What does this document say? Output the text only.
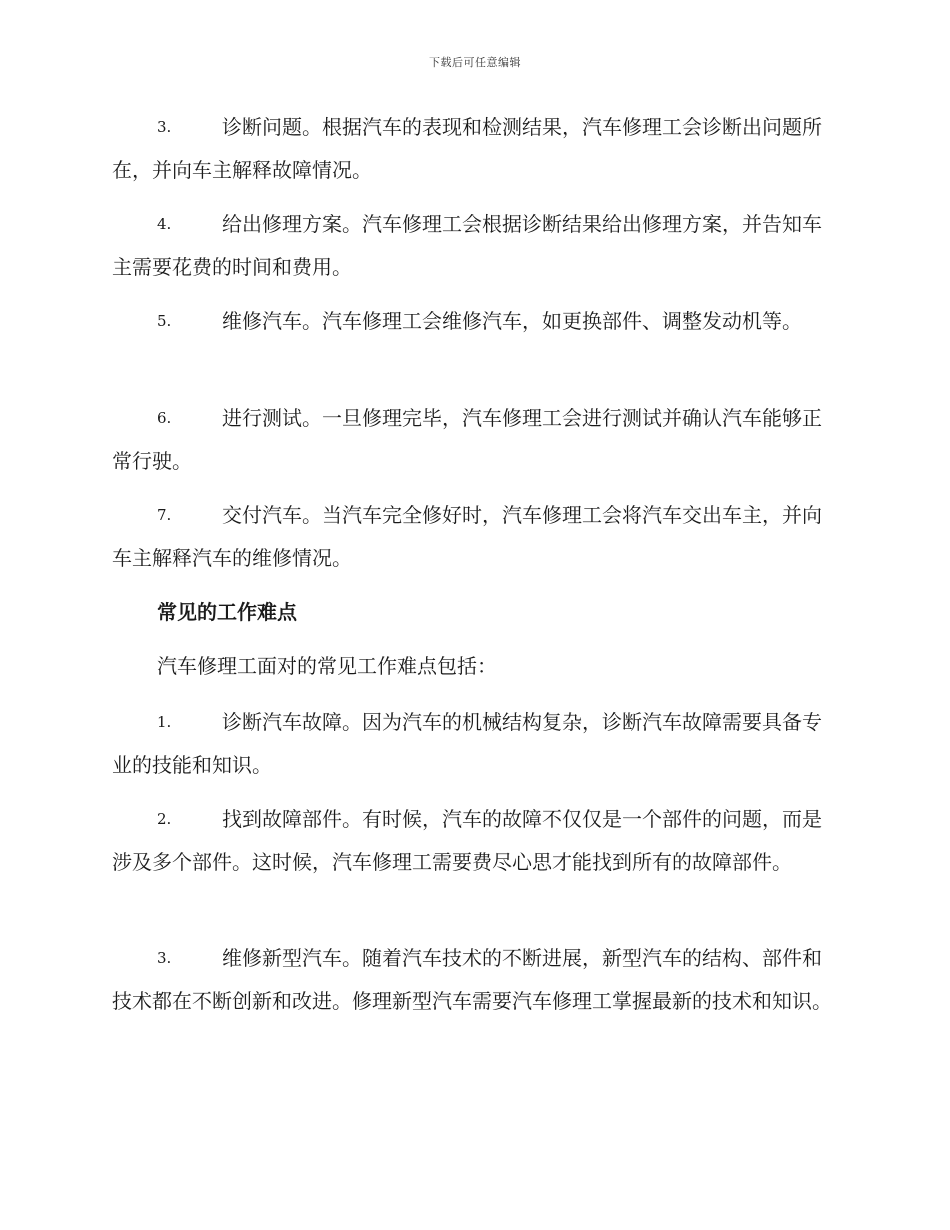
下载后可任意编辑
3.	诊断问题。根据汽车的表现和检测结果，汽车修理工会诊断出问题所在，并向车主解释故障情况。
4.	给出修理方案。汽车修理工会根据诊断结果给出修理方案，并告知车主需要花费的时间和费用。
5.	维修汽车。汽车修理工会维修汽车，如更换部件、调整发动机等。
6.	进行测试。一旦修理完毕，汽车修理工会进行测试并确认汽车能够正常行驶。
7.	交付汽车。当汽车完全修好时，汽车修理工会将汽车交出车主，并向车主解释汽车的维修情况。
常见的工作难点
汽车修理工面对的常见工作难点包括：
1.	诊断汽车故障。因为汽车的机械结构复杂，诊断汽车故障需要具备专业的技能和知识。
2.	找到故障部件。有时候，汽车的故障不仅仅是一个部件的问题，而是涉及多个部件。这时候，汽车修理工需要费尽心思才能找到所有的故障部件。
3.	维修新型汽车。随着汽车技术的不断进展，新型汽车的结构、部件和技术都在不断创新和改进。修理新型汽车需要汽车修理工掌握最新的技术和知识。
